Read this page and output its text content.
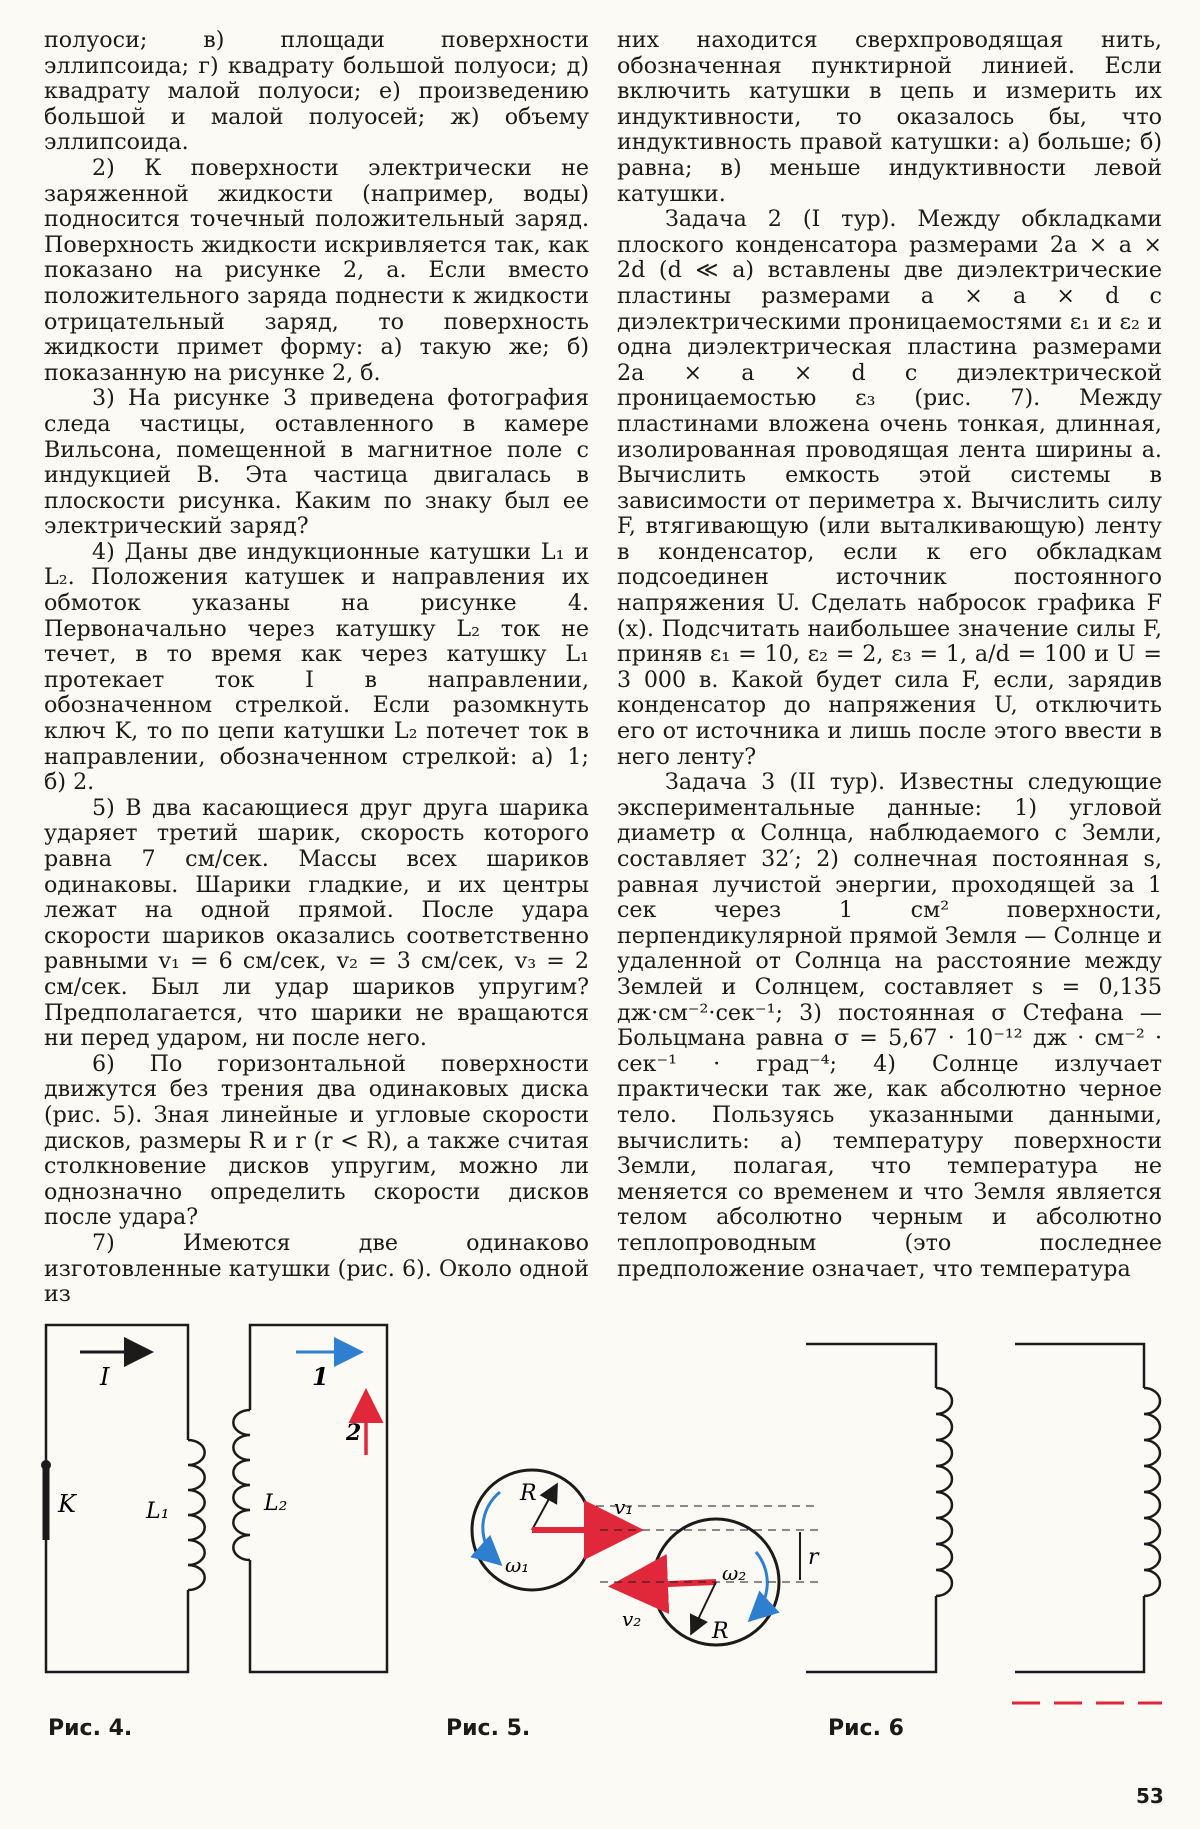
полуоси; в) площади поверхности эллипсоида; г) квадрату большой полуоси; д) квадрату малой полуоси; е) произведению большой и малой полуосей; ж) объему эллипсоида.

2) К поверхности электрически не заряженной жидкости (например, воды) подносится точечный положительный заряд. Поверхность жидкости искривляется так, как показано на рисунке 2, а. Если вместо положительного заряда поднести к жидкости отрицательный заряд, то поверхность жидкости примет форму: а) такую же; б) показанную на рисунке 2, б.

3) На рисунке 3 приведена фотография следа частицы, оставленного в камере Вильсона, помещенной в магнитное поле с индукцией B. Эта частица двигалась в плоскости рисунка. Каким по знаку был ее электрический заряд?

4) Даны две индукционные катушки L₁ и L₂. Положения катушек и направления их обмоток указаны на рисунке 4. Первоначально через катушку L₂ ток не течет, в то время как через катушку L₁ протекает ток I в направлении, обозначенном стрелкой. Если разомкнуть ключ K, то по цепи катушки L₂ потечет ток в направлении, обозначенном стрелкой: а) 1; б) 2.

5) В два касающиеся друг друга шарика ударяет третий шарик, скорость которого равна 7 см/сек. Массы всех шариков одинаковы. Шарики гладкие, и их центры лежат на одной прямой. После удара скорости шариков оказались соответственно равными v₁ = 6 см/сек, v₂ = 3 см/сек, v₃ = 2 см/сек. Был ли удар шариков упругим? Предполагается, что шарики не вращаются ни перед ударом, ни после него.

6) По горизонтальной поверхности движутся без трения два одинаковых диска (рис. 5). Зная линейные и угловые скорости дисков, размеры R и r (r < R), а также считая столкновение дисков упругим, можно ли однозначно определить скорости дисков после удара?

7) Имеются две одинаково изготовленные катушки (рис. 6). Около одной из

них находится сверхпроводящая нить, обозначенная пунктирной линией. Если включить катушки в цепь и измерить их индуктивности, то оказалось бы, что индуктивность правой катушки: а) больше; б) равна; в) меньше индуктивности левой катушки.

Задача 2 (I тур). Между обкладками плоского конденсатора размерами 2a × a × 2d (d ≪ a) вставлены две диэлектрические пластины размерами a × a × d с диэлектрическими проницаемостями ε₁ и ε₂ и одна диэлектрическая пластина размерами 2a × a × d с диэлектрической проницаемостью ε₃ (рис. 7). Между пластинами вложена очень тонкая, длинная, изолированная проводящая лента ширины a. Вычислить емкость этой системы в зависимости от периметра x. Вычислить силу F, втягивающую (или выталкивающую) ленту в конденсатор, если к его обкладкам подсоединен источник постоянного напряжения U. Сделать набросок графика F (x). Подсчитать наибольшее значение силы F, приняв ε₁ = 10, ε₂ = 2, ε₃ = 1, a/d = 100 и U = 3 000 в. Какой будет сила F, если, зарядив конденсатор до напряжения U, отключить его от источника и лишь после этого ввести в него ленту?

Задача 3 (II тур). Известны следующие экспериментальные данные: 1) угловой диаметр α Солнца, наблюдаемого с Земли, составляет 32′; 2) солнечная постоянная s, равная лучистой энергии, проходящей за 1 сек через 1 см² поверхности, перпендикулярной прямой Земля — Солнце и удаленной от Солнца на расстояние между Землей и Солнцем, составляет s = 0,135 дж·см⁻²·сек⁻¹; 3) постоянная σ Стефана — Больцмана равна σ = 5,67 · 10⁻¹² дж · см⁻² · сек⁻¹ · град⁻⁴; 4) Солнце излучает практически так же, как абсолютно черное тело. Пользуясь указанными данными, вычислить: а) температуру поверхности Земли, полагая, что температура не меняется со временем и что Земля является телом абсолютно черным и абсолютно теплопроводным (это последнее предположение означает, что температура

I
K	L₁
1
2
L₂	R
v₁
v₂	R
ω₁	ω₂
r
Рис. 4.	Рис. 5.	Рис. 6
53
